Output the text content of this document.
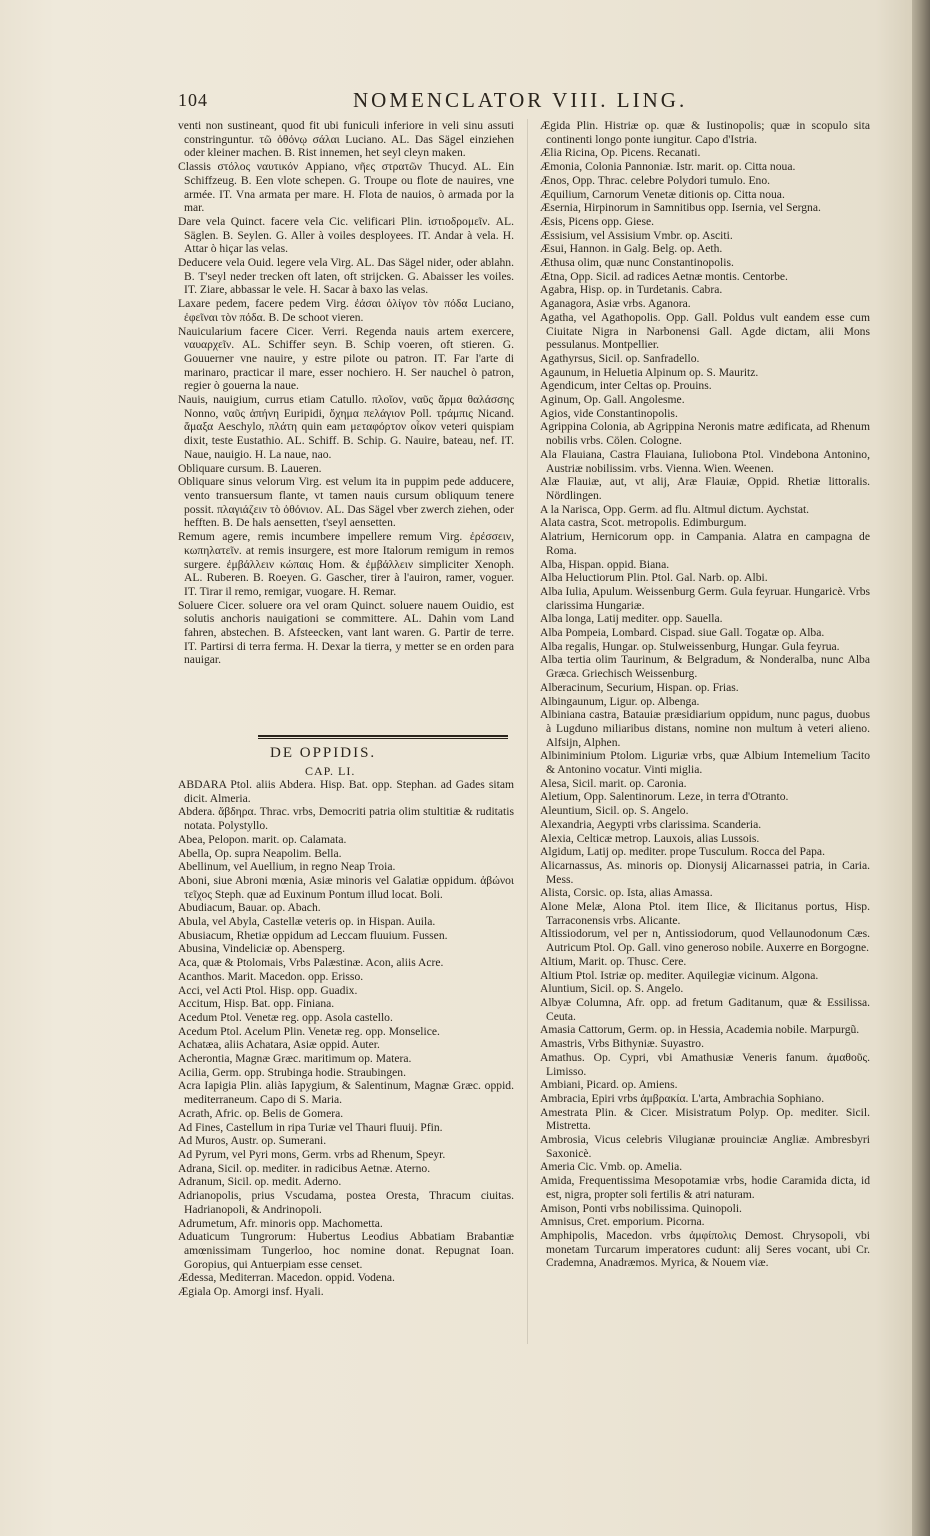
104	NOMENCLATOR VIII. LING.

venti non sustineant, quod fit ubi funiculi inferiore in veli sinu assuti constringuntur. τῶ ὀθόνῳ σάλαι Luciano. AL. Das Sägel einziehen oder kleiner machen. B. Rist innemen, het seyl cleyn maken.

Classis στόλος ναυτικόν Appiano, νῆες στρατῶν Thucyd. AL. Ein Schiffzeug. B. Een vlote schepen. G. Troupe ou flote de nauires, vne armée. IT. Vna armata per mare. H. Flota de nauios, ò armada por la mar.

Dare vela Quinct. facere vela Cic. velificari Plin. ἱστιοδρομεῖν. AL. Säglen. B. Seylen. G. Aller à voiles desployees. IT. Andar à vela. H. Attar ò hiçar las velas.

Deducere vela Ouid. legere vela Virg. AL. Das Sägel nider, oder ablahn. B. T'seyl neder trecken oft laten, oft strijcken. G. Abaisser les voiles. IT. Ziare, abbassar le vele. H. Sacar à baxo las velas.

Laxare pedem, facere pedem Virg. ἐάσαι ὀλίγον τὸν πόδα Luciano, ἐφεῖναι τὸν πόδα. B. De schoot vieren.

Nauicularium facere Cicer. Verri. Regenda nauis artem exercere, ναυαρχεῖν. AL. Schiffer seyn. B. Schip voeren, oft stieren. G. Gouuerner vne nauire, y estre pilote ou patron. IT. Far l'arte di marinaro, practicar il mare, esser nochiero. H. Ser nauchel ò patron, regier ò gouerna la naue.

Nauis, nauigium, currus etiam Catullo. πλοῖον, ναῦς ἅρμα θαλάσσης Nonno, ναῦς ἀπήνη Euripidi, ὄχημα πελάγιον Poll. τράμπις Nicand. ἅμαξα Aeschylo, πλάτη quin eam μεταφόρτον οἶκον veteri quispiam dixit, teste Eustathio. AL. Schiff. B. Schip. G. Nauire, bateau, nef. IT. Naue, nauigio. H. La naue, nao.

Obliquare cursum. B. Laueren.

Obliquare sinus velorum Virg. est velum ita in puppim pede adducere, vento transuersum flante, vt tamen nauis cursum obliquum tenere possit. πλαγιάζειν τὸ ὀθόνιον. AL. Das Sägel vber zwerch ziehen, oder hefften. B. De hals aensetten, t'seyl aensetten.

Remum agere, remis incumbere impellere remum Virg. ἐρέσσειν, κωπηλατεῖν. at remis insurgere, est more Italorum remigum in remos surgere. ἐμβάλλειν κώπαις Hom. & ἐμβάλλειν simpliciter Xenoph. AL. Ruberen. B. Roeyen. G. Gascher, tirer à l'auiron, ramer, voguer. IT. Tirar il remo, remigar, vuogare. H. Remar.

Soluere Cicer. soluere ora vel oram Quinct. soluere nauem Ouidio, est solutis anchoris nauigationi se committere. AL. Dahin vom Land fahren, abstechen. B. Afsteecken, vant lant waren. G. Partir de terre. IT. Partirsi di terra ferma. H. Dexar la tierra, y metter se en orden para nauigar.

DE OPPIDIS.
CAP. LI.

ABDARA Ptol. aliis Abdera. Hisp. Bat. opp. Stephan. ad Gades sitam dicit. Almeria.

Abdera. ἄβδηρα. Thrac. vrbs, Democriti patria olim stultitiæ & ruditatis notata. Polystyllo.

Abea, Pelopon. marit. op. Calamata.

Abella, Op. supra Neapolim. Bella.

Abellinum, vel Auellium, in regno Neap Troia.

Aboni, siue Abroni mœnia, Asiæ minoris vel Galatiæ oppidum. ἀβώνοι τεῖχος Steph. quæ ad Euxinum Pontum illud locat. Boli.

Abudiacum, Bauar. op. Abach.

Abula, vel Abyla, Castellæ veteris op. in Hispan. Auila.

Abusiacum, Rhetiæ oppidum ad Leccam fluuium. Fussen.

Abusina, Vindeliciæ op. Abensperg.

Aca, quæ & Ptolomais, Vrbs Palæstinæ. Acon, aliis Acre.

Acanthos. Marit. Macedon. opp. Erisso.

Acci, vel Acti Ptol. Hisp. opp. Guadix.

Accitum, Hisp. Bat. opp. Finiana.

Acedum Ptol. Venetæ reg. opp. Asola castello.

Acedum Ptol. Acelum Plin. Venetæ reg. opp. Monselice.

Achatæa, aliis Achatara, Asiæ oppid. Auter.

Acherontia, Magnæ Græc. maritimum op. Matera.

Acilia, Germ. opp. Strubinga hodie. Straubingen.

Acra Iapigia Plin. aliàs Iapygium, & Salentinum, Magnæ Græc. oppid. mediterraneum. Capo di S. Maria.

Acrath, Afric. op. Belis de Gomera.

Ad Fines, Castellum in ripa Turiæ vel Thauri fluuij. Pfin.

Ad Muros, Austr. op. Sumerani.

Ad Pyrum, vel Pyri mons, Germ. vrbs ad Rhenum, Speyr.

Adrana, Sicil. op. mediter. in radicibus Aetnæ. Aterno.

Adranum, Sicil. op. medit. Aderno.

Adrianopolis, prius Vscudama, postea Oresta, Thracum ciuitas. Hadrianopoli, & Andrinopoli.

Adrumetum, Afr. minoris opp. Machometta.

Aduaticum Tungrorum: Hubertus Leodius Abbatiam Brabantiæ amœnissimam Tungerloo, hoc nomine donat. Repugnat Ioan. Goropius, qui Antuerpiam esse censet.

Ædessa, Mediterran. Macedon. oppid. Vodena.

Ægiala Op. Amorgi insf. Hyali.

Ægida Plin. Histriæ op. quæ & Iustinopolis; quæ in scopulo sita continenti longo ponte iungitur. Capo d'Istria.

Ælia Ricina, Op. Picens. Recanati.

Æmonia, Colonia Pannoniæ. Istr. marit. op. Citta noua.

Ænos, Opp. Thrac. celebre Polydori tumulo. Eno.

Æquilium, Carnorum Venetæ ditionis op. Citta noua.

Æsernia, Hirpinorum in Samnitibus opp. Isernia, vel Sergna.

Æsis, Picens opp. Giese.

Æssisium, vel Assisium Vmbr. op. Asciti.

Æsui, Hannon. in Galg. Belg. op. Aeth.

Æthusa olim, quæ nunc Constantinopolis.

Ætna, Opp. Sicil. ad radices Aetnæ montis. Centorbe.

Agabra, Hisp. op. in Turdetanis. Cabra.

Aganagora, Asiæ vrbs. Aganora.

Agatha, vel Agathopolis. Opp. Gall. Poldus vult eandem esse cum Ciuitate Nigra in Narbonensi Gall. Agde dictam, alii Mons pessulanus. Montpellier.

Agathyrsus, Sicil. op. Sanfradello.

Agaunum, in Heluetia Alpinum op. S. Mauritz.

Agendicum, inter Celtas op. Prouins.

Aginum, Op. Gall. Angolesme.

Agios, vide Constantinopolis.

Agrippina Colonia, ab Agrippina Neronis matre ædificata, ad Rhenum nobilis vrbs. Cölen. Cologne.

Ala Flauiana, Castra Flauiana, Iuliobona Ptol. Vindebona Antonino, Austriæ nobilissim. vrbs. Vienna. Wien. Weenen.

Alæ Flauiæ, aut, vt alij, Aræ Flauiæ, Oppid. Rhetiæ littoralis. Nördlingen.

A la Narisca, Opp. Germ. ad flu. Altmul dictum. Aychstat.

Alata castra, Scot. metropolis. Edimburgum.

Alatrium, Hernicorum opp. in Campania. Alatra en campagna de Roma.

Alba, Hispan. oppid. Biana.

Alba Heluctiorum Plin. Ptol. Gal. Narb. op. Albi.

Alba Iulia, Apulum. Weissenburg Germ. Gula feyruar. Hungaricè. Vrbs clarissima Hungariæ.

Alba longa, Latij mediter. opp. Sauella.

Alba Pompeia, Lombard. Cispad. siue Gall. Togatæ op. Alba.

Alba regalis, Hungar. op. Stulweissenburg, Hungar. Gula feyrua.

Alba tertia olim Taurinum, & Belgradum, & Nonderalba, nunc Alba Græca. Griechisch Weissenburg.

Alberacinum, Securium, Hispan. op. Frias.

Albingaunum, Ligur. op. Albenga.

Albiniana castra, Batauiæ præsidiarium oppidum, nunc pagus, duobus à Lugduno miliaribus distans, nomine non multum à veteri alieno. Alfsijn, Alphen.

Albiniminium Ptolom. Liguriæ vrbs, quæ Albium Intemelium Tacito & Antonino vocatur. Vinti miglia.

Alesa, Sicil. marit. op. Caronia.

Aletium, Opp. Salentinorum. Leze, in terra d'Otranto.

Aleuntium, Sicil. op. S. Angelo.

Alexandria, Aegypti vrbs clarissima. Scanderia.

Alexia, Celticæ metrop. Lauxois, alias Lussois.

Algidum, Latij op. mediter. prope Tusculum. Rocca del Papa.

Alicarnassus, As. minoris op. Dionysij Alicarnassei patria, in Caria. Mess.

Alista, Corsic. op. Ista, alias Amassa.

Alone Melæ, Alona Ptol. item Ilice, & Ilicitanus portus, Hisp. Tarraconensis vrbs. Alicante.

Altissiodorum, vel per n, Antissiodorum, quod Vellaunodonum Cæs. Autricum Ptol. Op. Gall. vino generoso nobile. Auxerre en Borgogne.

Altium, Marit. op. Thusc. Cere.

Altium Ptol. Istriæ op. mediter. Aquilegiæ vicinum. Algona.

Aluntium, Sicil. op. S. Angelo.

Albyæ Columna, Afr. opp. ad fretum Gaditanum, quæ & Essilissa. Ceuta.

Amasia Cattorum, Germ. op. in Hessia, Academia nobile. Marpurgũ.

Amastris, Vrbs Bithyniæ. Suyastro.

Amathus. Op. Cypri, vbi Amathusiæ Veneris fanum. ἀμαθοῦς. Limisso.

Ambiani, Picard. op. Amiens.

Ambracia, Epiri vrbs ἀμβρακία. L'arta, Ambrachia Sophiano.

Amestrata Plin. & Cicer. Misistratum Polyp. Op. mediter. Sicil. Mistretta.

Ambrosia, Vicus celebris Vilugianæ prouinciæ Angliæ. Ambresbyri Saxonicè.

Ameria Cic. Vmb. op. Amelia.

Amida, Frequentissima Mesopotamiæ vrbs, hodie Caramida dicta, id est, nigra, propter soli fertilis & atri naturam.

Amison, Ponti vrbs nobilissima. Quinopoli.

Amnisus, Cret. emporium. Picorna.

Amphipolis, Macedon. vrbs ἀμφίπολις Demost. Chrysopoli, vbi monetam Turcarum imperatores cudunt: alij Seres vocant, ubi Cr. Crademna, Anadræmos. Myrica, & Nouem viæ.
